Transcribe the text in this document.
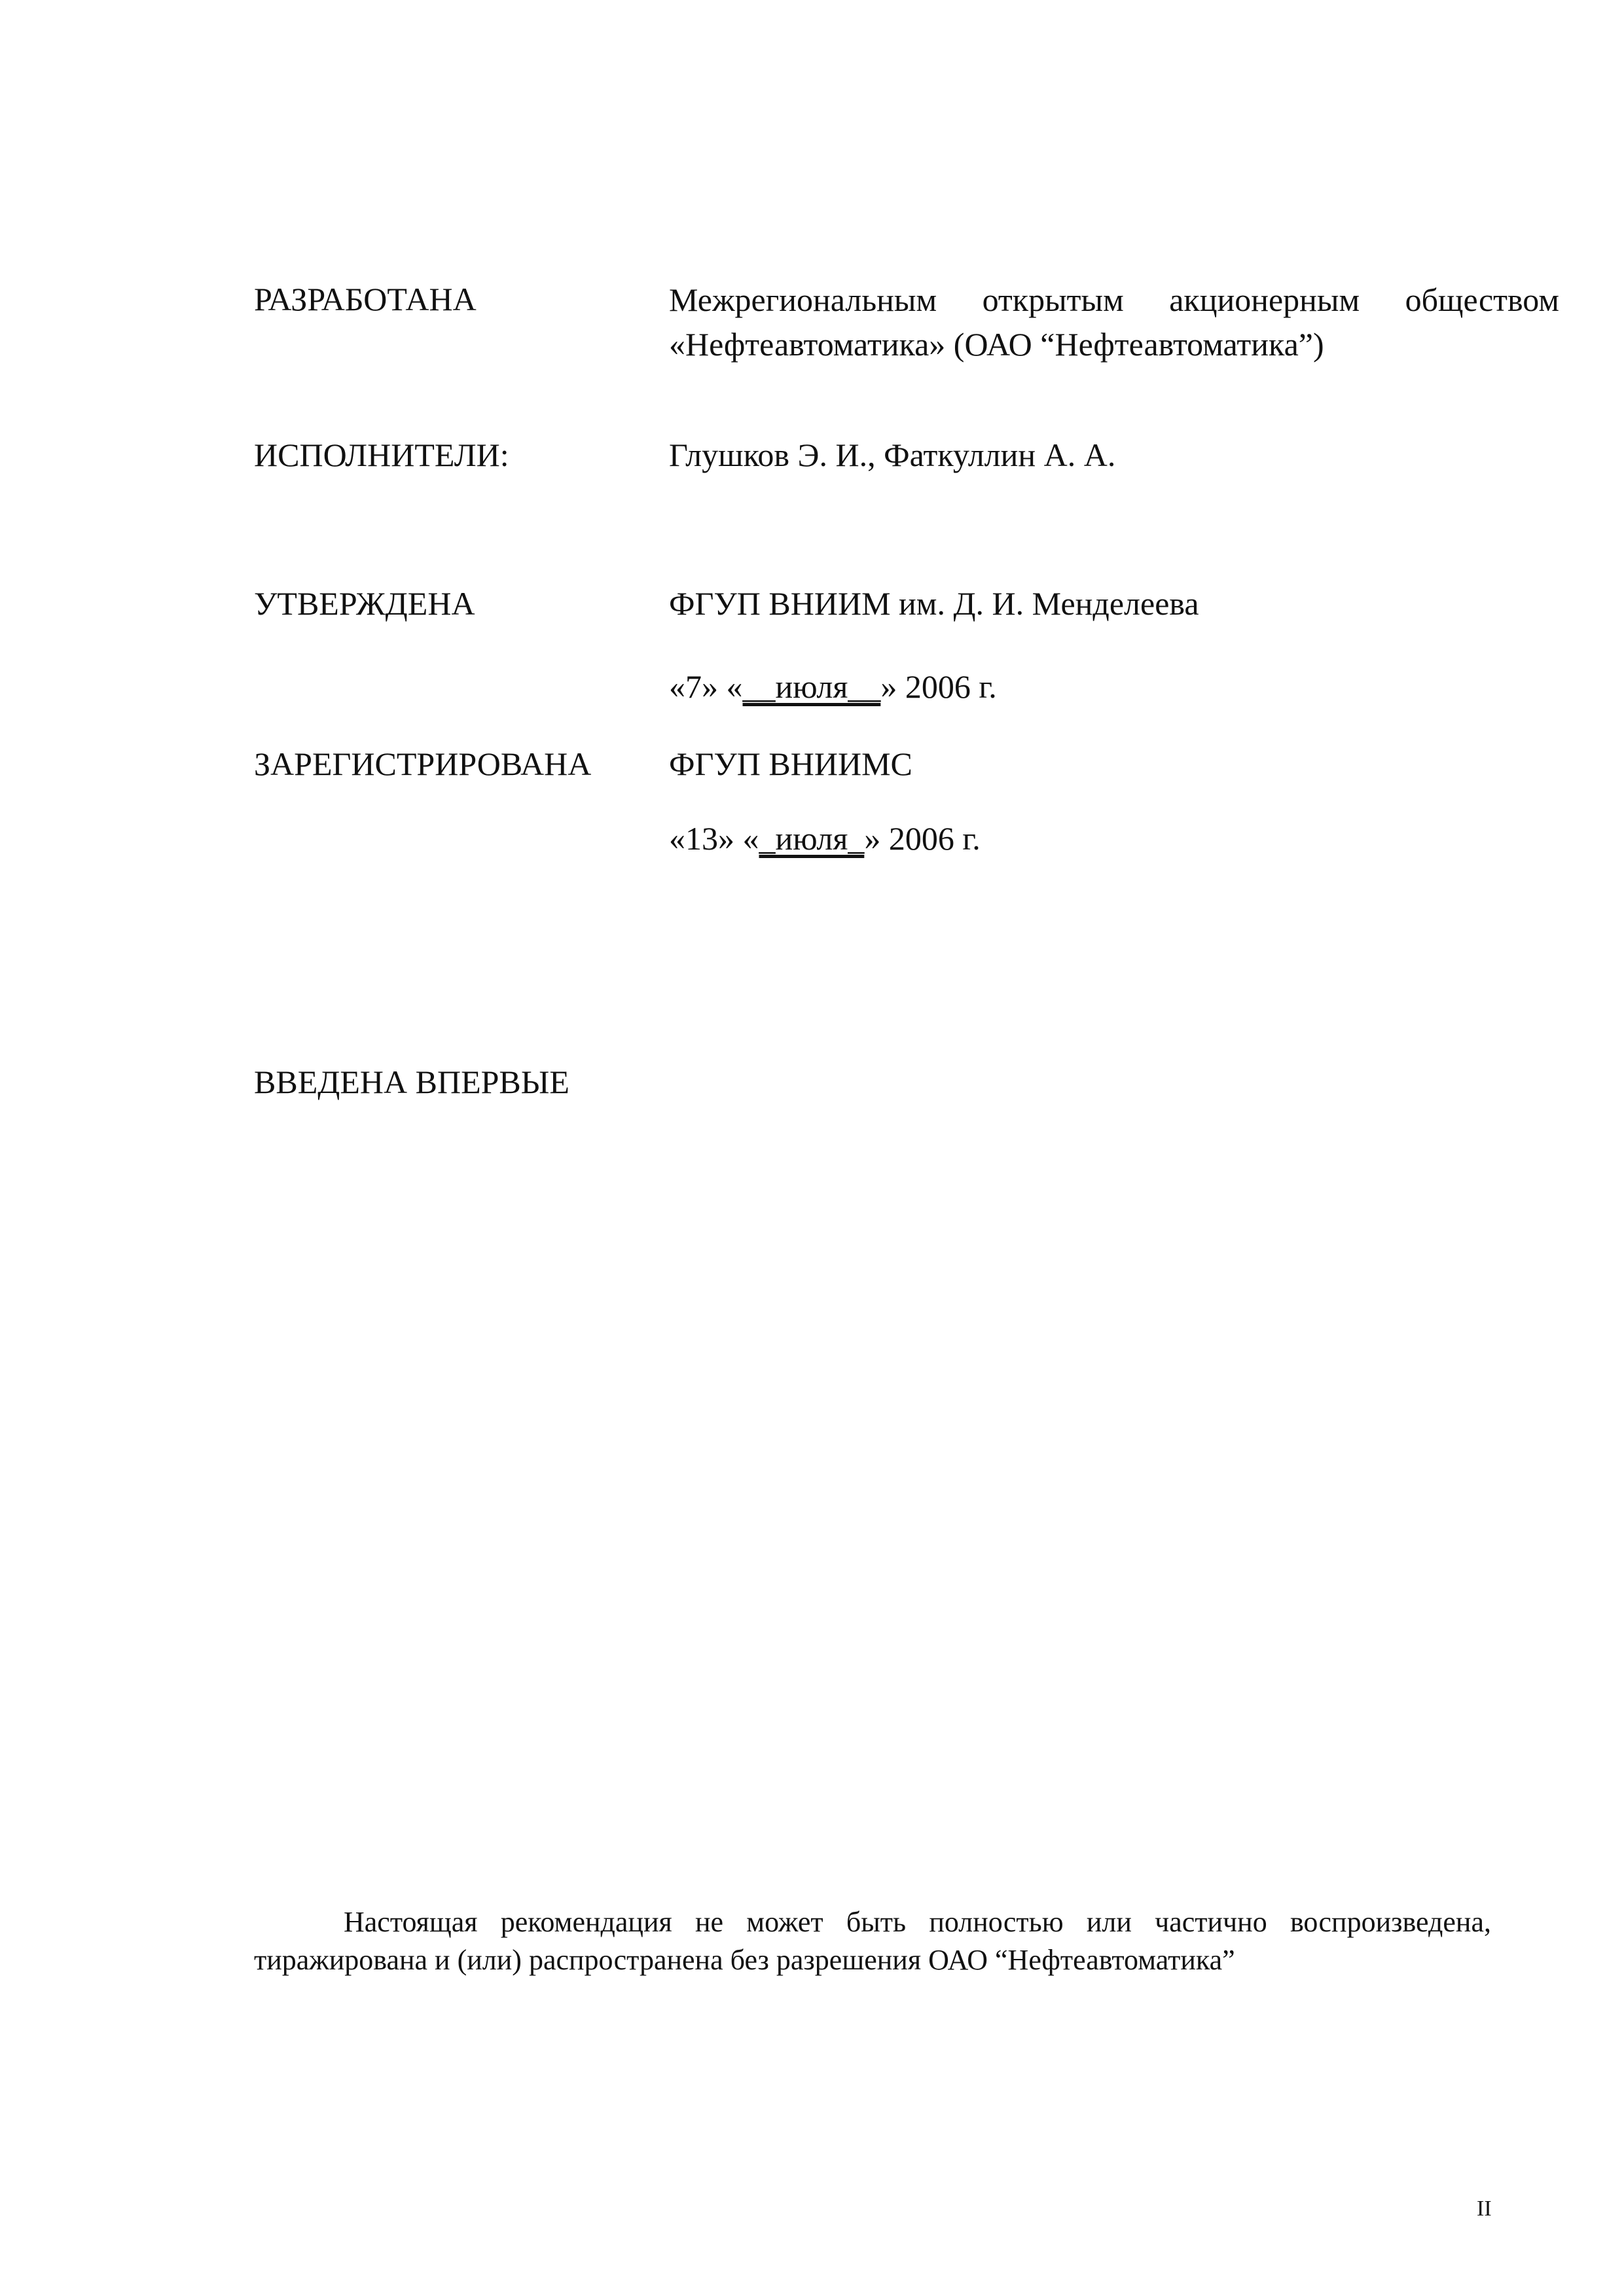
РАЗРАБОТАНА	Межрегиональным открытым акционерным обществом «Нефтеавтоматика» (ОАО “Нефтеавтоматика”)
ИСПОЛНИТЕЛИ:	Глушков Э. И., Фаткуллин А. А.
УТВЕРЖДЕНА	ФГУП ВНИИМ им. Д. И. Менделеева
«7» «__июля__» 2006 г.
ЗАРЕГИСТРИРОВАНА ФГУП ВНИИМС
«13» «_июля_» 2006 г.
ВВЕДЕНА ВПЕРВЫЕ
Настоящая рекомендация не может быть полностью или частично воспроизведена, тиражирована и (или) распространена без разрешения ОАО “Нефтеавтоматика”
II
